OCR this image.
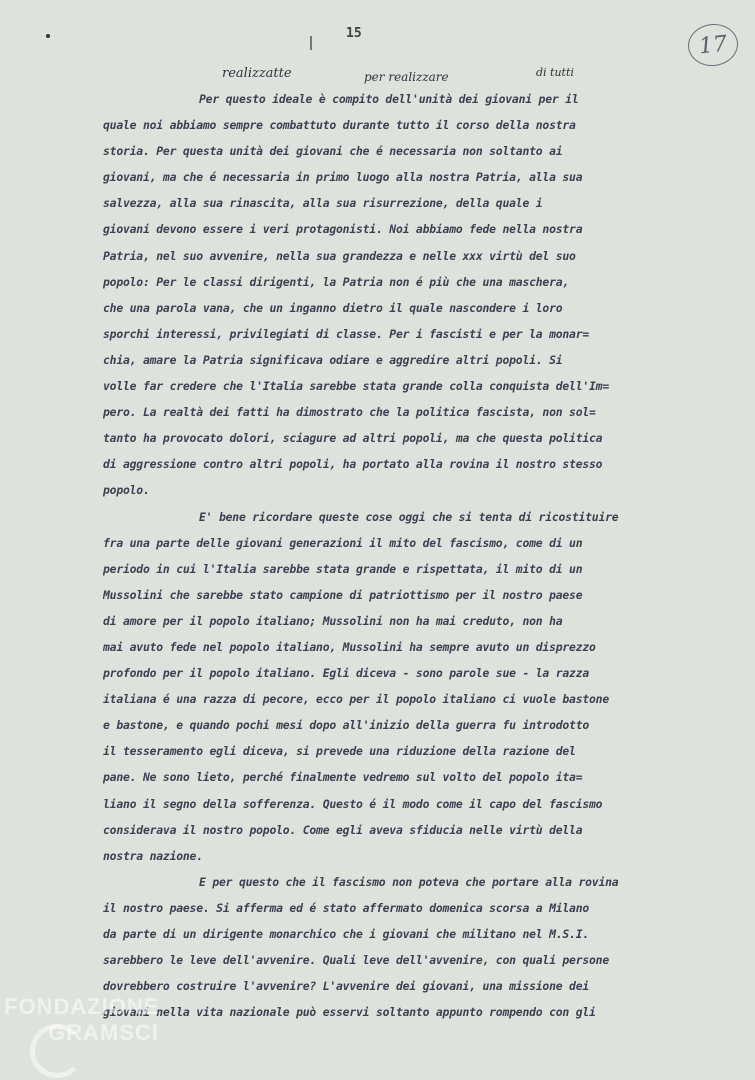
15	17
realizzatte	per realizzare	di tutti
Per questo ideale è compito dell'unità dei giovani per il
quale noi abbiamo sempre combattuto durante tutto il corso della nostra
storia. Per questa unità dei giovani che é necessaria non soltanto ai
giovani, ma che é necessaria in primo luogo alla nostra Patria, alla sua
salvezza, alla sua rinascita, alla sua risurrezione, della quale i
giovani devono essere i veri protagonisti. Noi abbiamo fede nella nostra
Patria, nel suo avvenire, nella sua grandezza e nelle xxx virtù del suo
popolo: Per le classi dirigenti, la Patria non é più che una maschera,
che una parola vana, che un inganno dietro il quale nascondere i loro
sporchi interessi, privilegiati di classe. Per i fascisti e per la monar=
chia, amare la Patria significava odiare e aggredire altri popoli. Si
volle far credere che l'Italia sarebbe stata grande colla conquista dell'Im=
pero. La realtà dei fatti ha dimostrato che la politica fascista, non sol=
tanto ha provocato dolori, sciagure ad altri popoli, ma che questa politica
di aggressione contro altri popoli, ha portato alla rovina il nostro stesso
popolo.
E' bene ricordare queste cose oggi che si tenta di ricostituire
fra una parte delle giovani generazioni il mito del fascismo, come di un
periodo in cui l'Italia sarebbe stata grande e rispettata, il mito di un
Mussolini che sarebbe stato campione di patriottismo per il nostro paese
di amore per il popolo italiano; Mussolini non ha mai creduto, non ha
mai avuto fede nel popolo italiano, Mussolini ha sempre avuto un disprezzo
profondo per il popolo italiano. Egli diceva - sono parole sue - la razza
italiana é una razza di pecore, ecco per il popolo italiano ci vuole bastone
e bastone, e quando pochi mesi dopo all'inizio della guerra fu introdotto
il tesseramento egli diceva, si prevede una riduzione della razione del
pane. Ne sono lieto, perché finalmente vedremo sul volto del popolo ita=
liano il segno della sofferenza. Questo é il modo come il capo del fascismo
considerava il nostro popolo. Come egli aveva sfiducia nelle virtù della
nostra nazione.
E per questo che il fascismo non poteva che portare alla rovina
il nostro paese. Si afferma ed é stato affermato domenica scorsa a Milano
da parte di un dirigente monarchico che i giovani che militano nel M.S.I.
sarebbero le leve dell'avvenire. Quali leve dell'avvenire, con quali persone
dovrebbero costruire l'avvenire? L'avvenire dei giovani, una missione dei
giovani nella vita nazionale può esservi soltanto appunto rompendo con gli
FONDAZIONE
GRAMSCI
